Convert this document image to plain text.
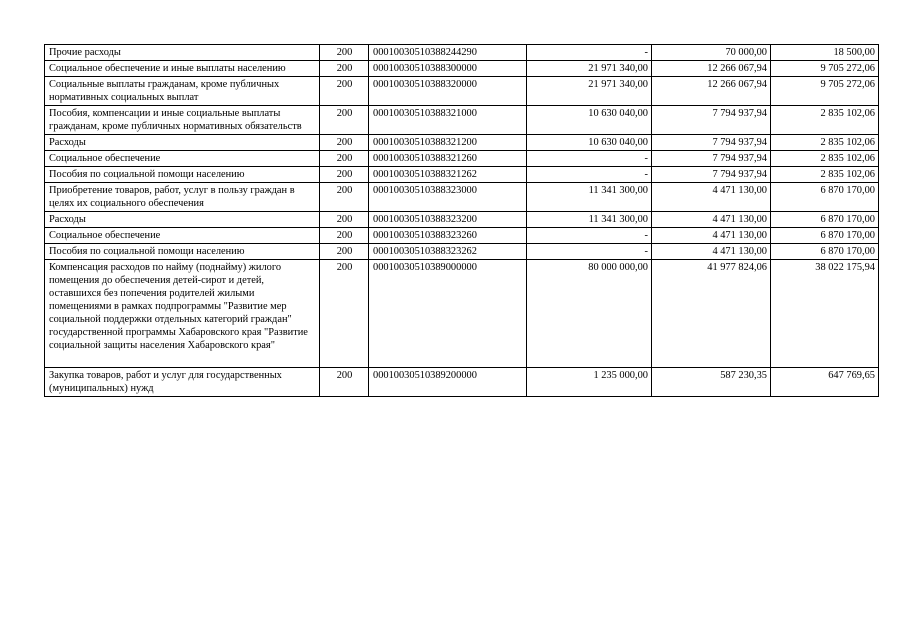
Прочие расходы	200	00010030510388244290	-	70 000,00	18 500,00
Социальное обеспечение и иные выплаты населению	200	00010030510388300000	21 971 340,00	12 266 067,94	9 705 272,06
Социальные выплаты гражданам, кроме публичных нормативных социальных выплат	200	00010030510388320000	21 971 340,00	12 266 067,94	9 705 272,06
Пособия, компенсации и иные социальные выплаты гражданам, кроме публичных нормативных обязательств	200	00010030510388321000	10 630 040,00	7 794 937,94	2 835 102,06
Расходы	200	00010030510388321200	10 630 040,00	7 794 937,94	2 835 102,06
Социальное обеспечение	200	00010030510388321260	-	7 794 937,94	2 835 102,06
Пособия по социальной помощи населению	200	00010030510388321262	-	7 794 937,94	2 835 102,06
Приобретение товаров, работ, услуг в пользу граждан в целях их социального обеспечения	200	00010030510388323000	11 341 300,00	4 471 130,00	6 870 170,00
Расходы	200	00010030510388323200	11 341 300,00	4 471 130,00	6 870 170,00
Социальное обеспечение	200	00010030510388323260	-	4 471 130,00	6 870 170,00
Пособия по социальной помощи населению	200	00010030510388323262	-	4 471 130,00	6 870 170,00
Компенсация расходов по найму (поднайму) жилого помещения до обеспечения детей-сирот и детей, оставшихся без попечения родителей жилыми помещениями в рамках подпрограммы "Развитие мер социальной поддержки отдельных категорий граждан" государственной программы Хабаровского края "Развитие социальной защиты населения Хабаровского края"	200	00010030510389000000	80 000 000,00	41 977 824,06	38 022 175,94
Закупка товаров, работ и услуг для государственных (муниципальных) нужд	200	00010030510389200000	1 235 000,00	587 230,35	647 769,65
